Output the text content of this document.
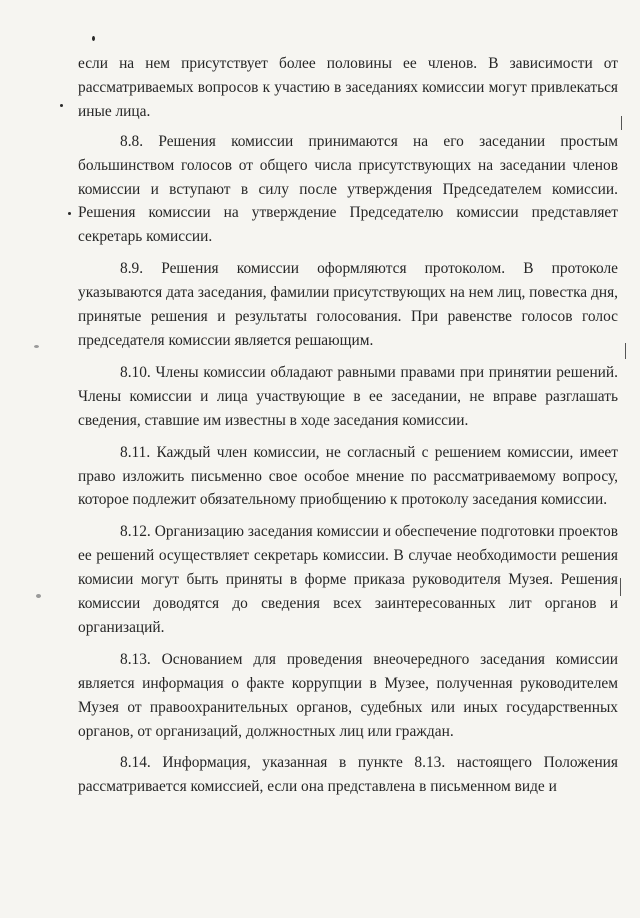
если на нем присутствует более половины ее членов. В зависимости от рассматриваемых вопросов к участию в заседаниях комиссии могут привлекаться иные лица.

8.8. Решения комиссии принимаются на его заседании простым большинством голосов от общего числа присутствующих на заседании членов комиссии и вступают в силу после утверждения Председателем комиссии. Решения комиссии на утверждение Председателю комиссии представляет секретарь комиссии.

8.9. Решения комиссии оформляются протоколом. В протоколе указываются дата заседания, фамилии присутствующих на нем лиц, повестка дня, принятые решения и результаты голосования. При равенстве голосов голос председателя комиссии является решающим.

8.10. Члены комиссии обладают равными правами при принятии решений. Члены комиссии и лица участвующие в ее заседании, не вправе разглашать сведения, ставшие им известны в ходе заседания комиссии.

8.11. Каждый член комиссии, не согласный с решением комиссии, имеет право изложить письменно свое особое мнение по рассматриваемому вопросу, которое подлежит обязательному приобщению к протоколу заседания комиссии.

8.12. Организацию заседания комиссии и обеспечение подготовки проектов ее решений осуществляет секретарь комиссии. В случае необходимости решения комисии могут быть приняты в форме приказа руководителя Музея. Решения комиссии доводятся до сведения всех заинтересованных лит органов и организаций.

8.13. Основанием для проведения внеочередного заседания комиссии является информация о факте коррупции в Музее, полученная руководителем Музея от правоохранительных органов, судебных или иных государственных органов, от организаций, должностных лиц или граждан.

8.14. Информация, указанная в пункте 8.13. настоящего Положения рассматривается комиссией, если она представлена в письменном виде и
